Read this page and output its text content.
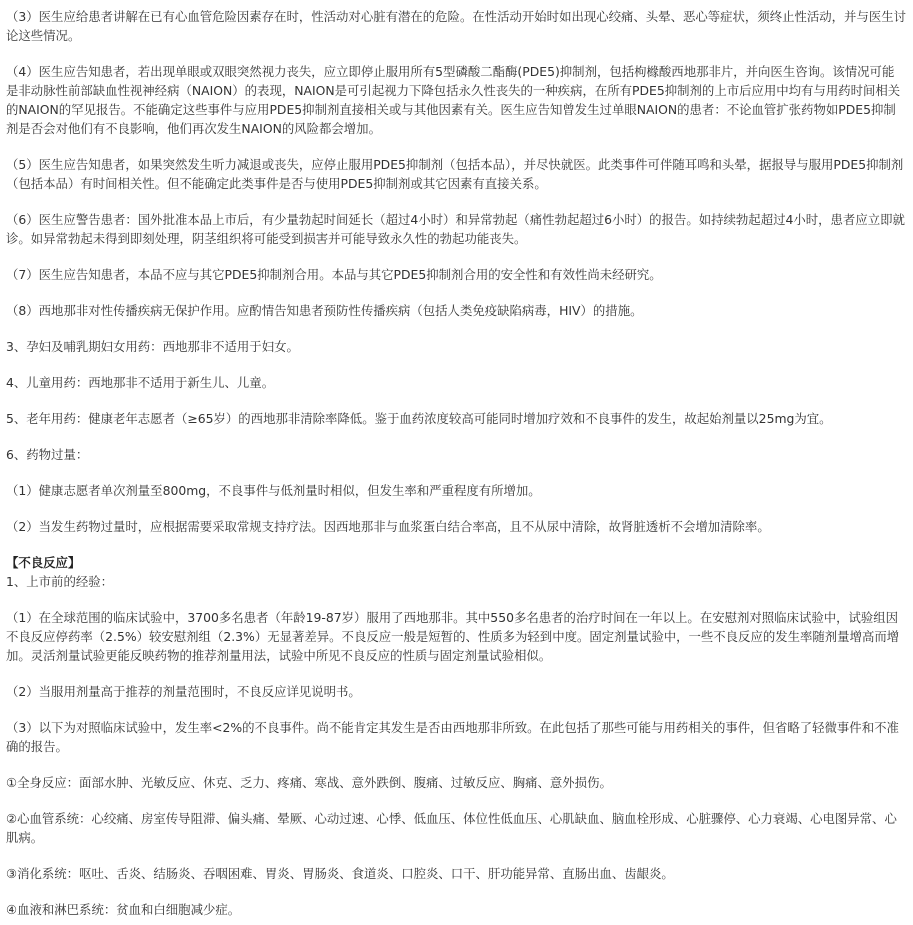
（3）医生应给患者讲解在已有心血管危险因素存在时，性活动对心脏有潜在的危险。在性活动开始时如出现心绞痛、头晕、恶心等症状，须终止性活动，并与医生讨论这些情况。

（4）医生应告知患者，若出现单眼或双眼突然视力丧失，应立即停止服用所有5型磷酸二酯酶(PDE5)抑制剂，包括枸橼酸西地那非片，并向医生咨询。该情况可能是非动脉性前部缺血性视神经病（NAION）的表现，NAION是可引起视力下降包括永久性丧失的一种疾病，在所有PDE5抑制剂的上市后应用中均有与用药时间相关的NAION的罕见报告。不能确定这些事件与应用PDE5抑制剂直接相关或与其他因素有关。医生应告知曾发生过单眼NAION的患者：不论血管扩张药物如PDE5抑制剂是否会对他们有不良影响，他们再次发生NAION的风险都会增加。

（5）医生应告知患者，如果突然发生听力减退或丧失，应停止服用PDE5抑制剂（包括本品），并尽快就医。此类事件可伴随耳鸣和头晕，据报导与服用PDE5抑制剂（包括本品）有时间相关性。但不能确定此类事件是否与使用PDE5抑制剂或其它因素有直接关系。

（6）医生应警告患者：国外批准本品上市后，有少量勃起时间延长（超过4小时）和异常勃起（痛性勃起超过6小时）的报告。如持续勃起超过4小时，患者应立即就诊。如异常勃起未得到即刻处理，阴茎组织将可能受到损害并可能导致永久性的勃起功能丧失。

（7）医生应告知患者，本品不应与其它PDE5抑制剂合用。本品与其它PDE5抑制剂合用的安全性和有效性尚未经研究。

（8）西地那非对性传播疾病无保护作用。应酌情告知患者预防性传播疾病（包括人类免疫缺陷病毒，HIV）的措施。

3、孕妇及哺乳期妇女用药：西地那非不适用于妇女。

4、儿童用药：西地那非不适用于新生儿、儿童。

5、老年用药：健康老年志愿者（≥65岁）的西地那非清除率降低。鉴于血药浓度较高可能同时增加疗效和不良事件的发生，故起始剂量以25mg为宜。

6、药物过量：

（1）健康志愿者单次剂量至800mg，不良事件与低剂量时相似，但发生率和严重程度有所增加。

（2）当发生药物过量时，应根据需要采取常规支持疗法。因西地那非与血浆蛋白结合率高，且不从尿中清除，故肾脏透析不会增加清除率。

【不良反应】

1、上市前的经验：

（1）在全球范围的临床试验中，3700多名患者（年龄19-87岁）服用了西地那非。其中550多名患者的治疗时间在一年以上。在安慰剂对照临床试验中，试验组因不良反应停药率（2.5%）较安慰剂组（2.3%）无显著差异。不良反应一般是短暂的、性质多为轻到中度。固定剂量试验中，一些不良反应的发生率随剂量增高而增加。灵活剂量试验更能反映药物的推荐剂量用法，试验中所见不良反应的性质与固定剂量试验相似。

（2）当服用剂量高于推荐的剂量范围时，不良反应详见说明书。

（3）以下为对照临床试验中，发生率<2%的不良事件。尚不能肯定其发生是否由西地那非所致。在此包括了那些可能与用药相关的事件，但省略了轻微事件和不准确的报告。

①全身反应：面部水肿、光敏反应、休克、乏力、疼痛、寒战、意外跌倒、腹痛、过敏反应、胸痛、意外损伤。

②心血管系统：心绞痛、房室传导阻滞、偏头痛、晕厥、心动过速、心悸、低血压、体位性低血压、心肌缺血、脑血栓形成、心脏骤停、心力衰竭、心电图异常、心肌病。

③消化系统：呕吐、舌炎、结肠炎、吞咽困难、胃炎、胃肠炎、食道炎、口腔炎、口干、肝功能异常、直肠出血、齿龈炎。

④血液和淋巴系统：贫血和白细胞减少症。
